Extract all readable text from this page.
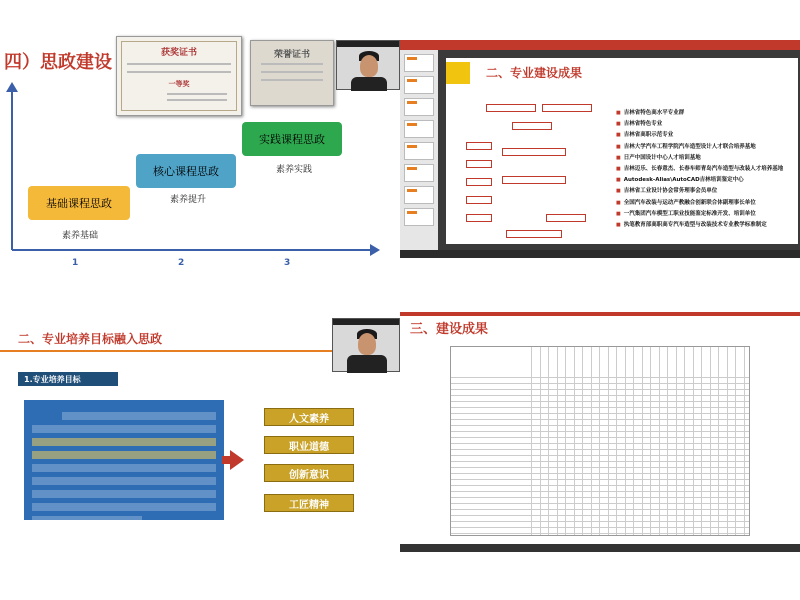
四）思政建设	获奖证书
一等奖
荣誉证书
基础课程思政
核心课程思政
实践课程思政
素养基础
素养提升
素养实践
1	2	3
二、专业建设成果
■ 吉林省特色高水平专业群
■ 吉林省特色专业
■ 吉林省高职示范专业
■ 吉林大学汽车工程学院汽车造型设计人才联合培养基地
■ 日产中国设计中心人才培训基地
■ 吉林迈乐、长春意杰、长春车师青岛汽车造型与改装人才培养基地
■ Autodesk-Alias\AutoCAD吉林培训鉴定中心
■ 吉林省工业设计协会常务理事会员单位
■ 全国汽车改装与运动产教融合创新联合体副理事长单位
■ 一汽集团汽车模型工职业技能鉴定标准开发、培训单位
■ 执笔教育部高职高专汽车造型与改装技术专业教学标准制定
二、专业培养目标融入思政
1.专业培养目标
人文素养
职业道德
创新意识
工匠精神
三、建设成果
